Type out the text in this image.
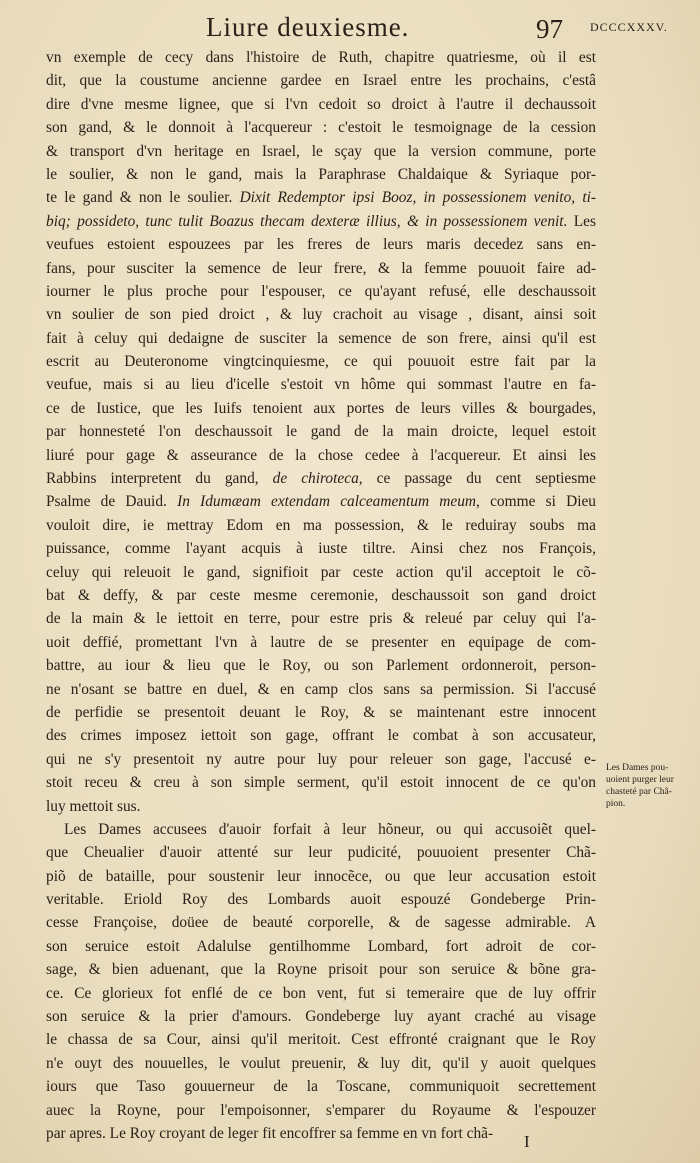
Liure deuxiesme.	97 DCCCXXXV.
vn exemple de cecy dans l'histoire de Ruth, chapitre quatriesme, où il est
dit, que la coustume ancienne gardee en Israel entre les prochains, c'estâ
dire d'vne mesme lignee, que si l'vn cedoit so droict à l'autre il dechaussoit
son gand, & le donnoit à l'acquereur : c'estoit le tesmoignage de la cession
& transport d'vn heritage en Israel, le sçay que la version commune, porte
le soulier, & non le gand, mais la Paraphrase Chaldaique & Syriaque por-
te le gand & non le soulier. Dixit Redemptor ipsi Booz, in possessionem venito, ti-
biq; possideto, tunc tulit Boazus thecam dexteræ illius, & in possessionem venit. Les
veufues estoient espouzees par les freres de leurs maris decedez sans en-
fans, pour susciter la semence de leur frere, & la femme pouuoit faire ad-
iourner le plus proche pour l'espouser, ce qu'ayant refusé, elle deschaussoit
vn soulier de son pied droict , & luy crachoit au visage , disant, ainsi soit
fait à celuy qui dedaigne de susciter la semence de son frere, ainsi qu'il est
escrit au Deuteronome vingtcinquiesme, ce qui pouuoit estre fait par la
veufue, mais si au lieu d'icelle s'estoit vn hôme qui sommast l'autre en fa-
ce de Iustice, que les Iuifs tenoient aux portes de leurs villes & bourgades,
par honnesteté l'on deschaussoit le gand de la main droicte, lequel estoit
liuré pour gage & asseurance de la chose cedee à l'acquereur. Et ainsi les
Rabbins interpretent du gand, de chiroteca, ce passage du cent septiesme
Psalme de Dauid. In Idumæam extendam calceamentum meum, comme si Dieu
vouloit dire, ie mettray Edom en ma possession, & le reduiray soubs ma
puissance, comme l'ayant acquis à iuste tiltre. Ainsi chez nos François,
celuy qui releuoit le gand, signifioit par ceste action qu'il acceptoit le cõ-
bat & deffy, & par ceste mesme ceremonie, deschaussoit son gand droict
de la main & le iettoit en terre, pour estre pris & releué par celuy qui l'a-
uoit deffié, promettant l'vn à lautre de se presenter en equipage de com-
battre, au iour & lieu que le Roy, ou son Parlement ordonneroit, person-
ne n'osant se battre en duel, & en camp clos sans sa permission. Si l'accusé
de perfidie se presentoit deuant le Roy, & se maintenant estre innocent
des crimes imposez iettoit son gage, offrant le combat à son accusateur,
qui ne s'y presentoit ny autre pour luy pour releuer son gage, l'accusé e-
stoit receu & creu à son simple serment, qu'il estoit innocent de ce qu'on
luy mettoit sus.
Les Dames accusees d'auoir forfait à leur hõneur, ou qui accusoiẽt quel-
que Cheualier d'auoir attenté sur leur pudicité, pouuoient presenter Chã-
piõ de bataille, pour soustenir leur innocẽce, ou que leur accusation estoit
veritable. Eriold Roy des Lombards auoit espouzé Gondeberge Prin-
cesse Françoise, doüee de beauté corporelle, & de sagesse admirable. A
son seruice estoit Adalulse gentilhomme Lombard, fort adroit de cor-
sage, & bien aduenant, que la Royne prisoit pour son seruice & bõne gra-
ce. Ce glorieux fot enflé de ce bon vent, fut si temeraire que de luy offrir
son seruice & la prier d'amours. Gondeberge luy ayant craché au visage
le chassa de sa Cour, ainsi qu'il meritoit. Cest effronté craignant que le Roy
n'e ouyt des nouuelles, le voulut preuenir, & luy dit, qu'il y auoit quelques
iours que Taso gouuerneur de la Toscane, communiquoit secrettement
auec la Royne, pour l'empoisonner, s'emparer du Royaume & l'espouzer
par apres. Le Roy croyant de leger fit encoffrer sa femme en vn fort chã-
Les Dames pou-
uoient purger leur
chasteté par Châ-
pion.
I
